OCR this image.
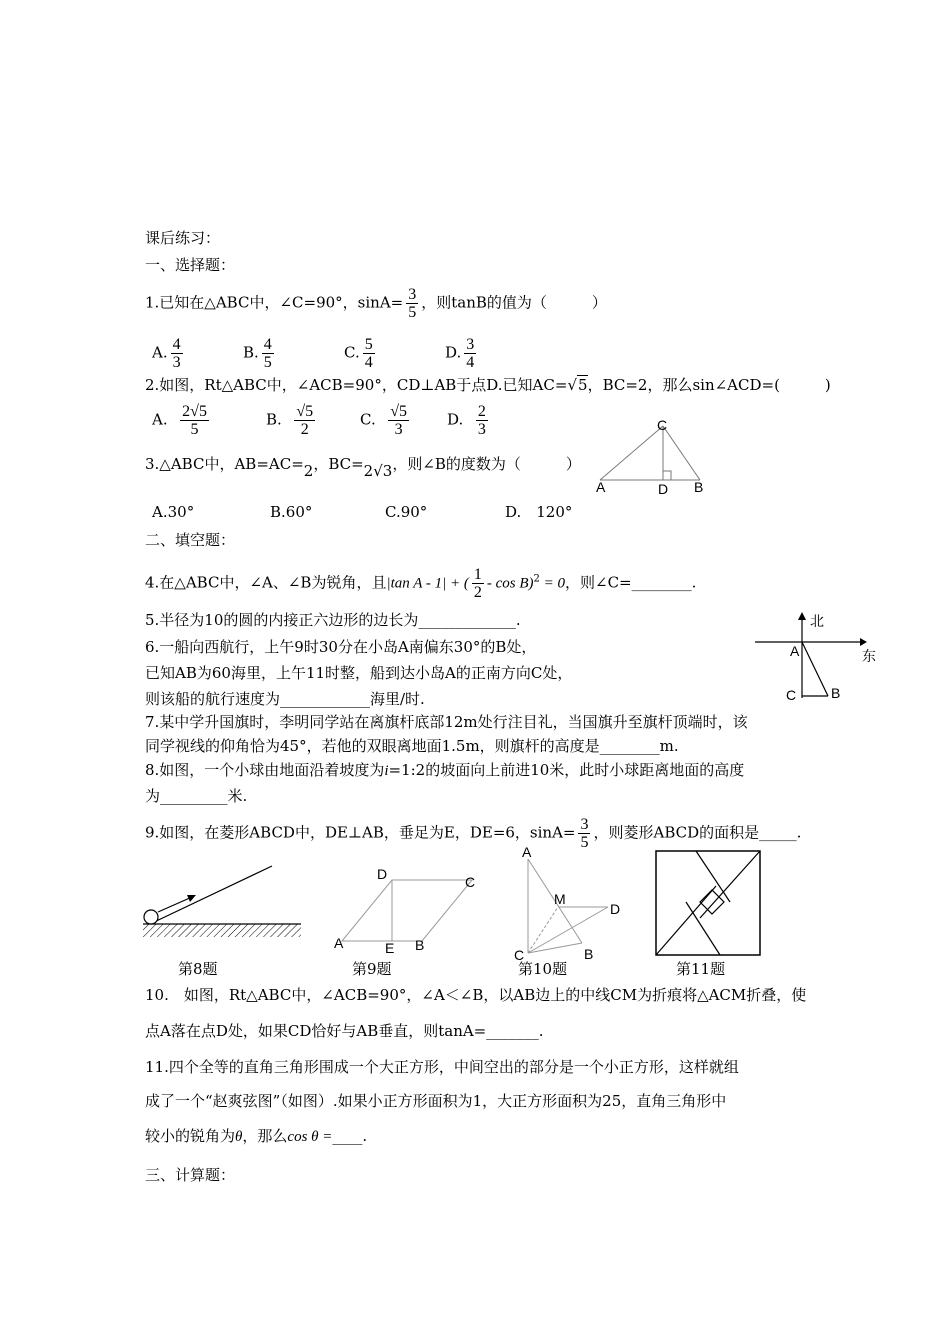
课后练习：
一、选择题：
1.已知在△ABC中，∠C=90°，$\sin A= \frac{3}{5}$ ，则tanB的值为（　　　）
A. $\frac{4}{3}$	B. $\frac{4}{5}$	C. $\frac{5}{4}$	D. $\frac{3}{4}$
2.如图，Rt△ABC中，∠ACB=90°，CD⊥AB于点D.已知AC=√5，BC=2，那么sin∠ACD=(　　　)
A. $\frac{2√5}{5}$	B. $\frac{√5}{2}$	C. $\frac{√5}{3}$	D. $\frac{2}{3}$
3.△ABC中，AB=AC=2，BC=2√3，则∠B的度数为（　　　）
A.30°	B.60°	C.90°	D.　120°
C
A	D B
二、填空题：
4.在△ABC中，∠A、∠B为锐角，且|tan A - 1| + ( $\frac{1}{2} - \cos B)^2 = 0$，则∠C=________.
5.半径为10的圆的内接正六边形的边长为_____________.
6.一船向西航行，上午9时30分在小岛A南偏东30°的B处，
已知AB为60海里，上午11时整，船到达小岛A的正南方向C处，
则该船的航行速度为____________海里/时.
北
东
A
C B
7.某中学升国旗时，李明同学站在离旗杆底部12m处行注目礼，当国旗升至旗杆顶端时，该
同学视线的仰角恰为45°，若他的双眼离地面1.5m，则旗杆的高度是________m.
8.如图，一个小球由地面沿着坡度为i=1:2的坡面向上前进10米，此时小球距离地面的高度
为_________米.
9.如图，在菱形ABCD中，DE⊥AB，垂足为E，DE=6，$\sin A= \frac{3}{5}$ ，则菱形ABCD的面积是_____.
D	C
A	E B
A
M
D
C	B
第8题	第9题	第10题	第11题
10.　如图，Rt△ABC中，∠ACB=90°，∠A＜∠B，以AB边上的中线CM为折痕将△ACM折叠，使
点A落在点D处，如果CD恰好与AB垂直，则tanA=_______.
11.四个全等的直角三角形围成一个大正方形，中间空出的部分是一个小正方形，这样就组
成了一个“赵爽弦图”（如图）.如果小正方形面积为1，大正方形面积为25，直角三角形中
较小的锐角为θ，那么cos θ =____.
三、计算题：
